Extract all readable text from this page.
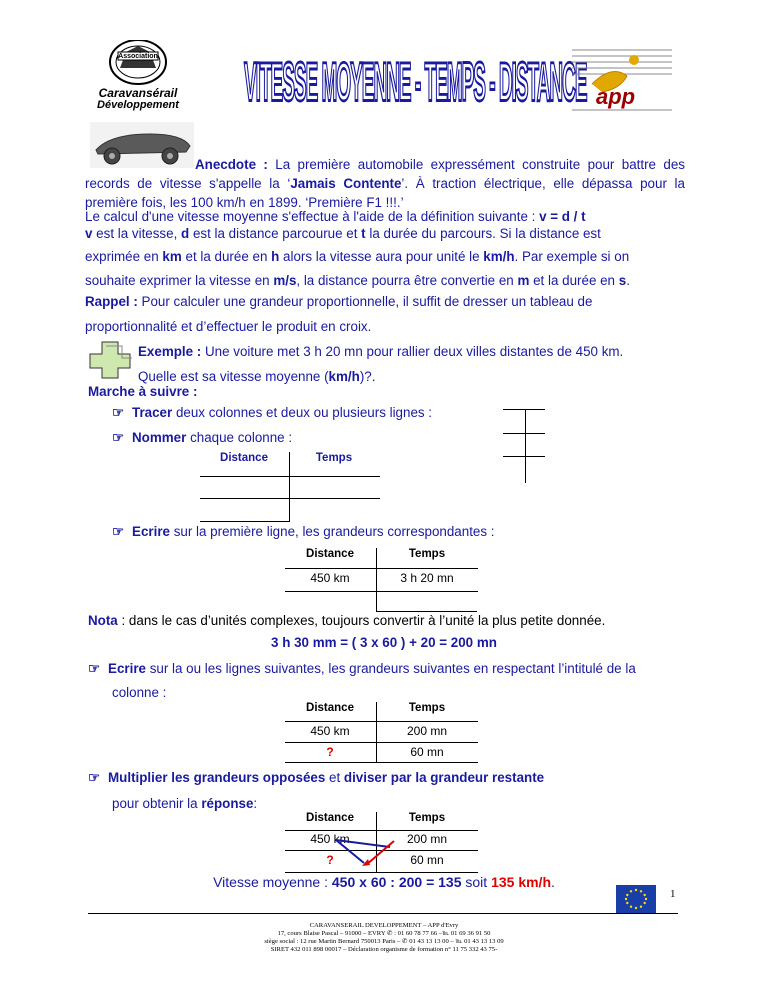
Association
Caravansérail
Développement	VITESSE MOYENNE - TEMPS - DISTANCE app
Anecdote : La première automobile expressément construite pour battre des records de vitesse s'appelle la ‘Jamais Contente’. À traction électrique, elle dépassa pour la première fois, les 100 km/h en 1899. ‘Première F1 !!!.’
Le calcul d'une vitesse moyenne s'effectue à l'aide de la définition suivante : v = d / t
v est la vitesse, d est la distance parcourue et t la durée du parcours. Si la distance est
exprimée en km et la durée en h alors la vitesse aura pour unité le km/h. Par exemple si on
souhaite exprimer la vitesse en m/s, la distance pourra être convertie en m et la durée en s.
Rappel : Pour calculer une grandeur proportionnelle, il suffit de dresser un tableau de
proportionnalité et d’effectuer le produit en croix.
Exemple : Une voiture met 3 h 20 mn pour rallier deux villes distantes de 450 km.
Quelle est sa vitesse moyenne (km/h)?.
Marche à suivre :
☞ Tracer deux colonnes et deux ou plusieurs lignes :
☞ Nommer chaque colonne :
Distance	Temps
☞ Ecrire sur la première ligne, les grandeurs correspondantes :
Distance	Temps
450 km	3 h 20 mn
Nota : dans le cas d’unités complexes, toujours convertir à l’unité la plus petite donnée.
3 h 30 mm = ( 3 x 60 ) + 20 = 200 mn
☞ Ecrire sur la ou les lignes suivantes, les grandeurs suivantes en respectant l’intitulé de la
colonne :
Distance	Temps
450 km	200 mn
?	60 mn
☞ Multiplier les grandeurs opposées et diviser par la grandeur restante
pour obtenir la réponse:
Distance	Temps
450 km	200 mn
?	60 mn
Vitesse moyenne : 450 x 60 : 200 = 135 soit 135 km/h.
1
CARAVANSERAIL DEVELOPPEMENT – APP d'Evry
17, cours Blaise Pascal – 91000 – EVRY ✆ : 01 60 78 77 66 –℡ 01 69 36 91 50
siège social : 12 rue Martin Bernard 750013 Paris – ✆ 01 43 13 13 00 – ℡ 01 43 13 13 09
SIRET 432 011 898 00017 – Déclaration organisme de formation n° 11 75 332 43 75-
